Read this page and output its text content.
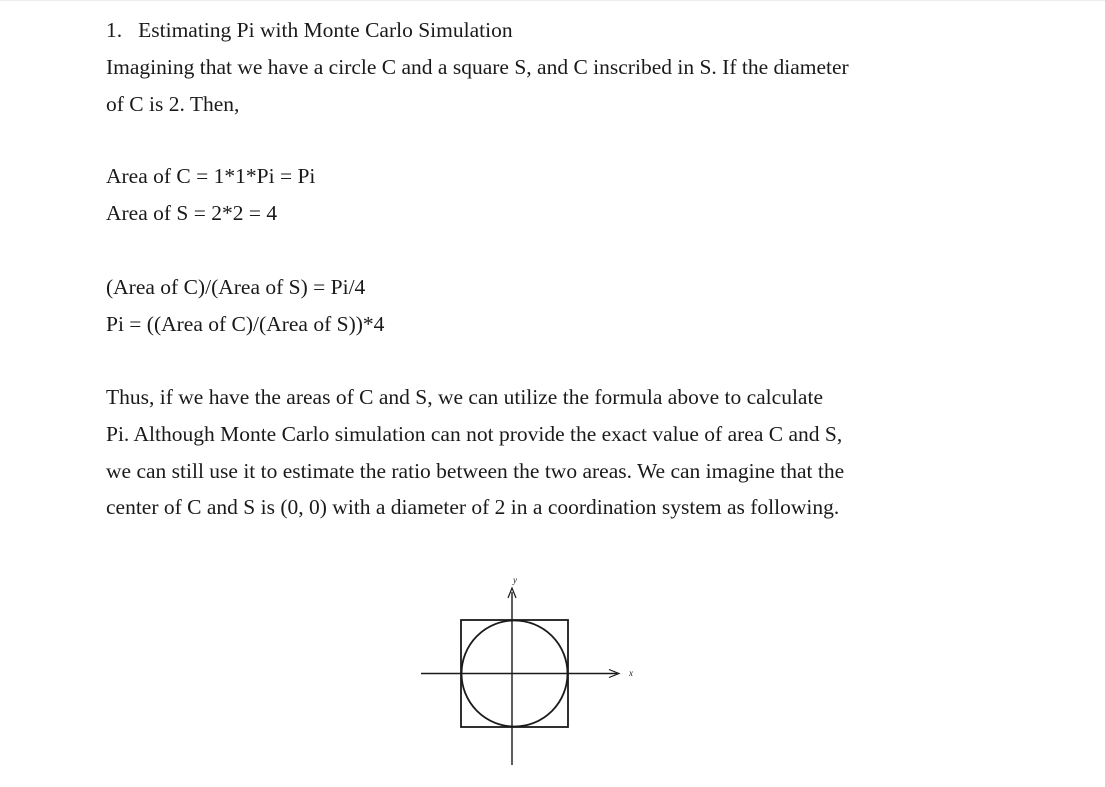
1. Estimating Pi with Monte Carlo Simulation
Imagining that we have a circle C and a square S, and C inscribed in S. If the diameter
of C is 2. Then,
Area of C = 1*1*Pi = Pi
Area of S = 2*2 = 4
(Area of C)/(Area of S) = Pi/4
Pi = ((Area of C)/(Area of S))*4
Thus, if we have the areas of C and S, we can utilize the formula above to calculate
Pi. Although Monte Carlo simulation can not provide the exact value of area C and S,
we can still use it to estimate the ratio between the two areas. We can imagine that the
center of C and S is (0, 0) with a diameter of 2 in a coordination system as following.
x
y
